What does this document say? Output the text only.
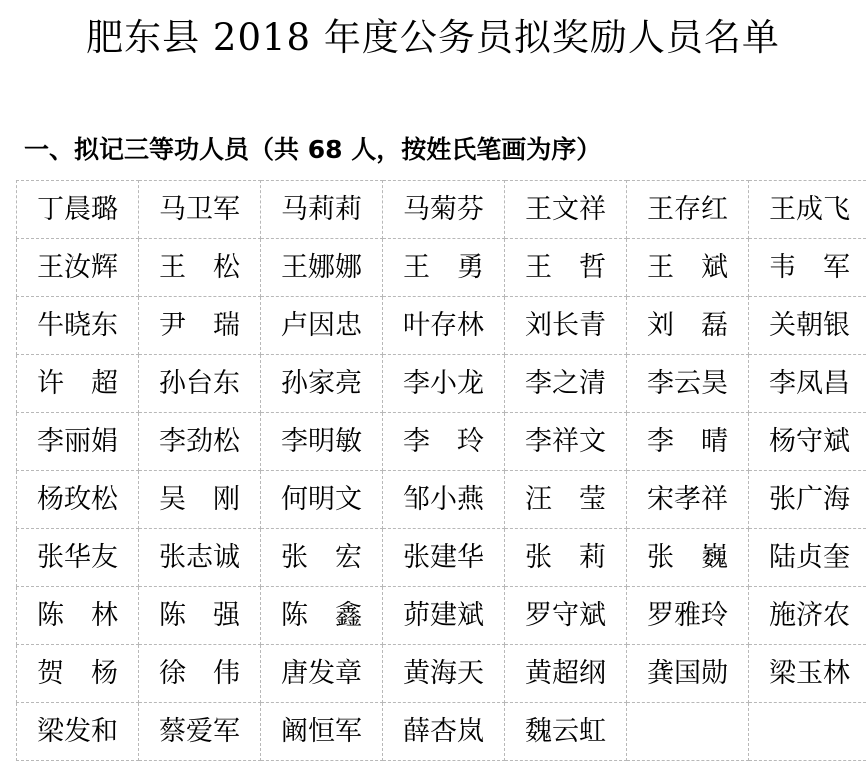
肥东县 2018 年度公务员拟奖励人员名单
一、拟记三等功人员（共 68 人，按姓氏笔画为序）
丁晨璐	马卫军	马莉莉	马菊芬	王文祥	王存红	王成飞
王汝辉	王　松	王娜娜	王　勇	王　哲	王　斌	韦　军
牛晓东	尹　瑞	卢因忠	叶存林	刘长青	刘　磊	关朝银
许　超	孙台东	孙家亮	李小龙	李之清	李云昊	李凤昌
李丽娟	李劲松	李明敏	李　玲	李祥文	李　晴	杨守斌
杨玫松	吴　刚	何明文	邹小燕	汪　莹	宋孝祥	张广海
张华友	张志诚	张　宏	张建华	张　莉	张　巍	陆贞奎
陈　林	陈　强	陈　鑫	茆建斌	罗守斌	罗雅玲	施济农
贺　杨	徐　伟	唐发章	黄海天	黄超纲	龚国勋	梁玉林
梁发和	蔡爱军	阚恒军	薛杏岚	魏云虹		
